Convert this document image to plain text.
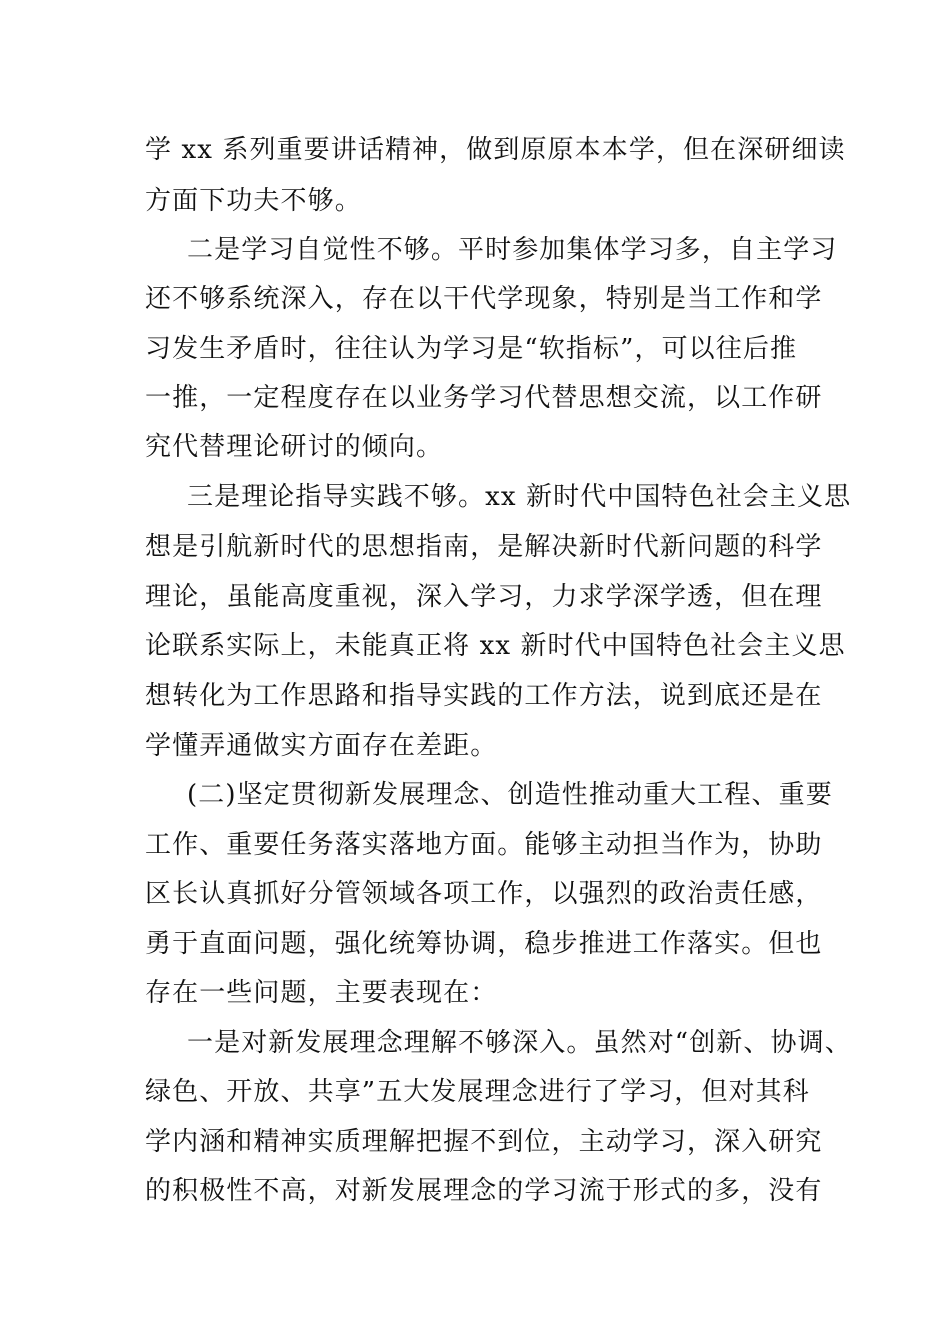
学 xx 系列重要讲话精神，做到原原本本学，但在深研细读
方面下功夫不够。
二是学习自觉性不够。平时参加集体学习多，自主学习
还不够系统深入，存在以干代学现象，特别是当工作和学
习发生矛盾时，往往认为学习是“软指标”，可以往后推
一推，一定程度存在以业务学习代替思想交流，以工作研
究代替理论研讨的倾向。
三是理论指导实践不够。xx 新时代中国特色社会主义思
想是引航新时代的思想指南，是解决新时代新问题的科学
理论，虽能高度重视，深入学习，力求学深学透，但在理
论联系实际上，未能真正将 xx 新时代中国特色社会主义思
想转化为工作思路和指导实践的工作方法，说到底还是在
学懂弄通做实方面存在差距。
(二)坚定贯彻新发展理念、创造性推动重大工程、重要
工作、重要任务落实落地方面。能够主动担当作为，协助
区长认真抓好分管领域各项工作，以强烈的政治责任感，
勇于直面问题，强化统筹协调，稳步推进工作落实。但也
存在一些问题，主要表现在：
一是对新发展理念理解不够深入。虽然对“创新、协调、
绿色、开放、共享”五大发展理念进行了学习，但对其科
学内涵和精神实质理解把握不到位，主动学习，深入研究
的积极性不高，对新发展理念的学习流于形式的多，没有
